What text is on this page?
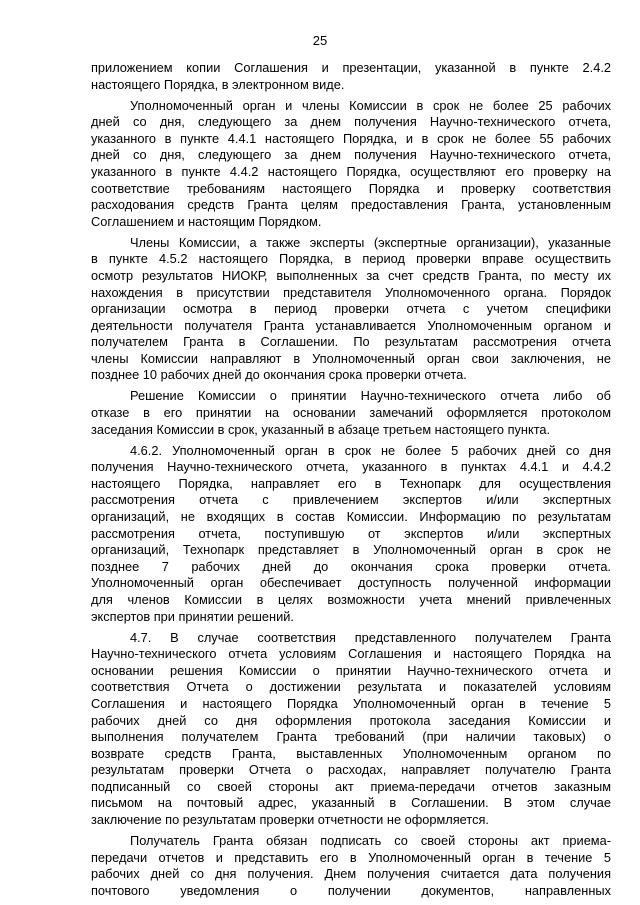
25
приложением копии Соглашения и презентации, указанной в пункте 2.4.2
настоящего Порядка, в электронном виде.
Уполномоченный орган и члены Комиссии в срок не более 25 рабочих
дней со дня, следующего за днем получения Научно-технического отчета,
указанного в пункте 4.4.1 настоящего Порядка, и в срок не более 55 рабочих
дней со дня, следующего за днем получения Научно-технического отчета,
указанного в пункте 4.4.2 настоящего Порядка, осуществляют его проверку на
соответствие требованиям настоящего Порядка и проверку соответствия
расходования средств Гранта целям предоставления Гранта, установленным
Соглашением и настоящим Порядком.
Члены Комиссии, а также эксперты (экспертные организации), указанные
в пункте 4.5.2 настоящего Порядка, в период проверки вправе осуществить
осмотр результатов НИОКР, выполненных за счет средств Гранта, по месту их
нахождения в присутствии представителя Уполномоченного органа. Порядок
организации осмотра в период проверки отчета с учетом специфики
деятельности получателя Гранта устанавливается Уполномоченным органом и
получателем Гранта в Соглашении. По результатам рассмотрения отчета
члены Комиссии направляют в Уполномоченный орган свои заключения, не
позднее 10 рабочих дней до окончания срока проверки отчета.
Решение Комиссии о принятии Научно-технического отчета либо об
отказе в его принятии на основании замечаний оформляется протоколом
заседания Комиссии в срок, указанный в абзаце третьем настоящего пункта.
4.6.2. Уполномоченный орган в срок не более 5 рабочих дней со дня
получения Научно-технического отчета, указанного в пунктах 4.4.1 и 4.4.2
настоящего Порядка, направляет его в Технопарк для осуществления
рассмотрения отчета с привлечением экспертов и/или экспертных
организаций, не входящих в состав Комиссии. Информацию по результатам
рассмотрения отчета, поступившую от экспертов и/или экспертных
организаций, Технопарк представляет в Уполномоченный орган в срок не
позднее 7 рабочих дней до окончания срока проверки отчета.
Уполномоченный орган обеспечивает доступность полученной информации
для членов Комиссии в целях возможности учета мнений привлеченных
экспертов при принятии решений.
4.7. В случае соответствия представленного получателем Гранта
Научно-технического отчета условиям Соглашения и настоящего Порядка на
основании решения Комиссии о принятии Научно-технического отчета и
соответствия Отчета о достижении результата и показателей условиям
Соглашения и настоящего Порядка Уполномоченный орган в течение 5
рабочих дней со дня оформления протокола заседания Комиссии и
выполнения получателем Гранта требований (при наличии таковых) о
возврате средств Гранта, выставленных Уполномоченным органом по
результатам проверки Отчета о расходах, направляет получателю Гранта
подписанный со своей стороны акт приема-передачи отчетов заказным
письмом на почтовый адрес, указанный в Соглашении. В этом случае
заключение по результатам проверки отчетности не оформляется.
Получатель Гранта обязан подписать со своей стороны акт приема-
передачи отчетов и представить его в Уполномоченный орган в течение 5
рабочих дней со дня получения. Днем получения считается дата получения
почтового уведомления о получении документов, направленных
